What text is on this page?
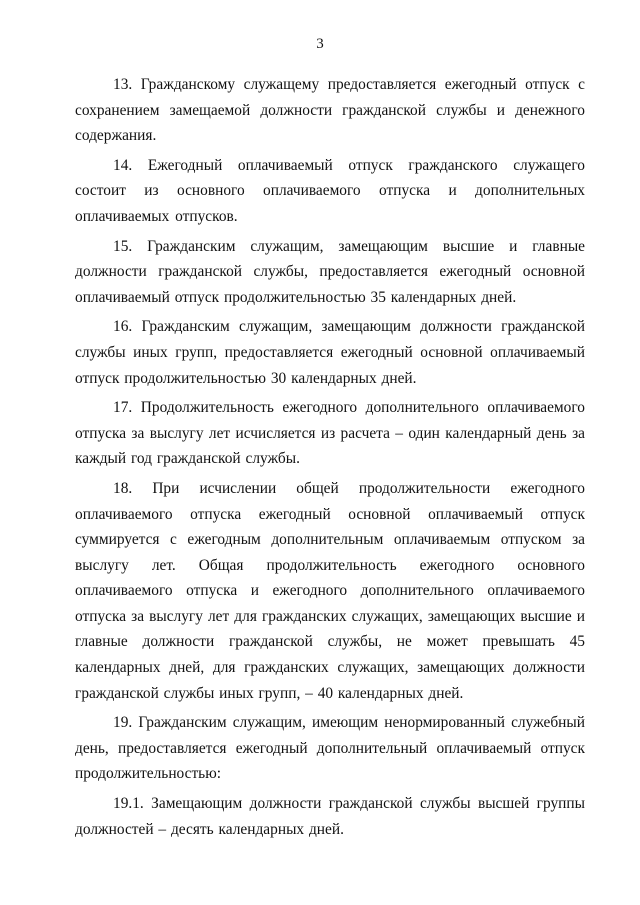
3

13. Гражданскому служащему предоставляется ежегодный отпуск с сохранением замещаемой должности гражданской службы и денежного содержания.

14. Ежегодный оплачиваемый отпуск гражданского служащего состоит из основного оплачиваемого отпуска и дополнительных оплачиваемых отпусков.

15. Гражданским служащим, замещающим высшие и главные должности гражданской службы, предоставляется ежегодный основной оплачиваемый отпуск продолжительностью 35 календарных дней.

16. Гражданским служащим, замещающим должности гражданской службы иных групп, предоставляется ежегодный основной оплачиваемый отпуск продолжительностью 30 календарных дней.

17. Продолжительность ежегодного дополнительного оплачиваемого отпуска за выслугу лет исчисляется из расчета – один календарный день за каждый год гражданской службы.

18. При исчислении общей продолжительности ежегодного оплачиваемого отпуска ежегодный основной оплачиваемый отпуск суммируется с ежегодным дополнительным оплачиваемым отпуском за выслугу лет. Общая продолжительность ежегодного основного оплачиваемого отпуска и ежегодного дополнительного оплачиваемого отпуска за выслугу лет для гражданских служащих, замещающих высшие и главные должности гражданской службы, не может превышать 45 календарных дней, для гражданских служащих, замещающих должности гражданской службы иных групп, – 40 календарных дней.

19. Гражданским служащим, имеющим ненормированный служебный день, предоставляется ежегодный дополнительный оплачиваемый отпуск продолжительностью:

19.1. Замещающим должности гражданской службы высшей группы должностей – десять календарных дней.
